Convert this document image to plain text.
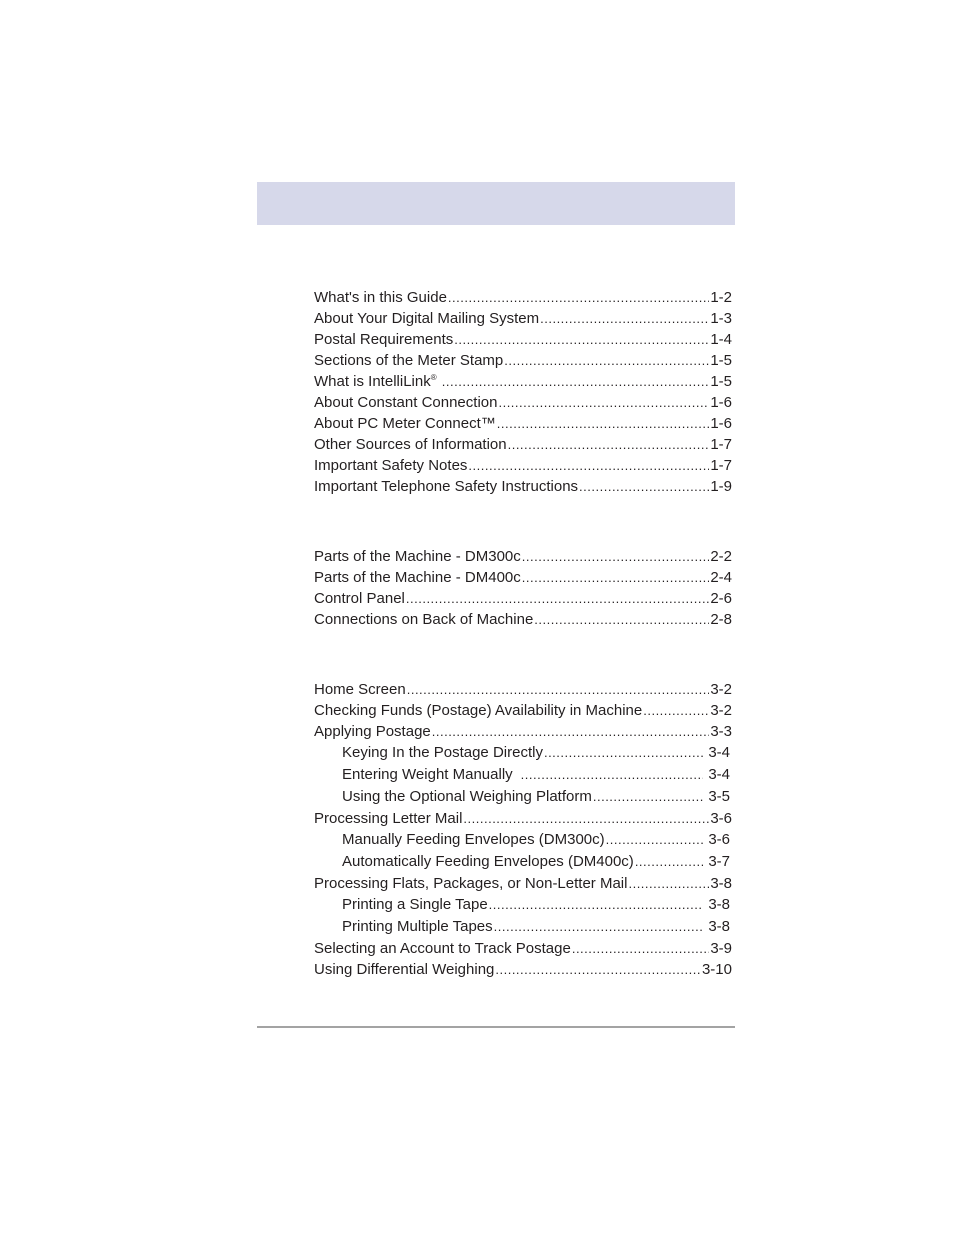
What's in this Guide .....	1-2
About Your Digital Mailing System .....	1-3
Postal Requirements .....	1-4
Sections of the Meter Stamp .....	1-5
What is IntelliLink® .....	1-5
About Constant Connection .....	1-6
About PC Meter Connect™ .....	1-6
Other Sources of Information .....	1-7
Important Safety Notes .....	1-7
Important Telephone Safety Instructions .....	1-9
Parts of the Machine - DM300c .....	2-2
Parts of the Machine - DM400c .....	2-4
Control Panel .....	2-6
Connections on Back of Machine .....	2-8
Home Screen .....	3-2
Checking Funds (Postage) Availability in Machine .....	3-2
Applying Postage .....	3-3
Keying In the Postage Directly .....	3-4
Entering Weight Manually .....	3-4
Using the Optional Weighing Platform .....	3-5
Processing Letter Mail .....	3-6
Manually Feeding Envelopes (DM300c) .....	3-6
Automatically Feeding Envelopes (DM400c) .....	3-7
Processing Flats, Packages, or Non-Letter Mail .....	3-8
Printing a Single Tape .....	3-8
Printing Multiple Tapes .....	3-8
Selecting an Account to Track Postage .....	3-9
Using Differential Weighing .....	3-10
